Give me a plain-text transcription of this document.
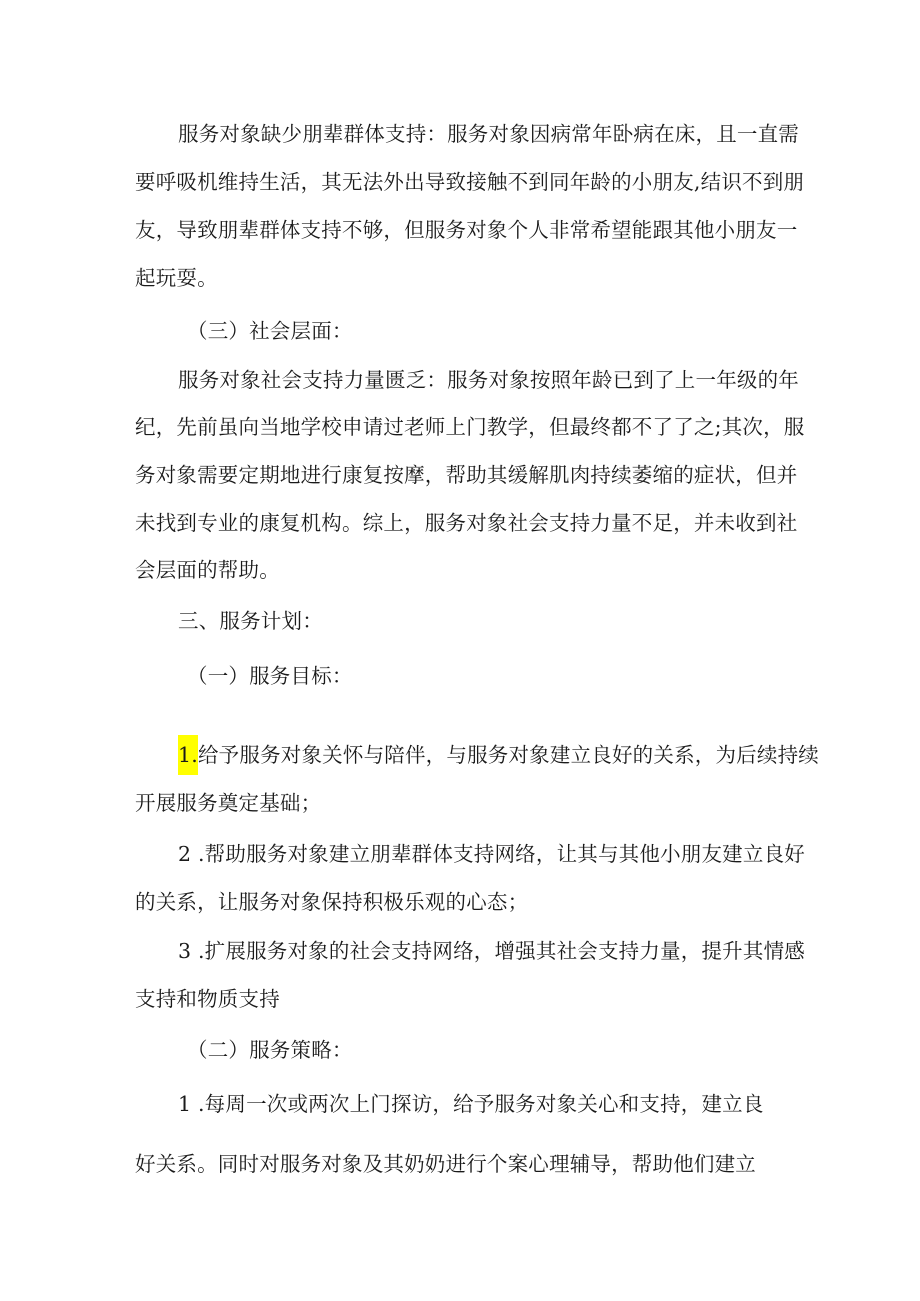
服务对象缺少朋辈群体支持：服务对象因病常年卧病在床，且一直需
要呼吸机维持生活，其无法外出导致接触不到同年龄的小朋友,结识不到朋
友，导致朋辈群体支持不够，但服务对象个人非常希望能跟其他小朋友一
起玩耍。
（三）社会层面：
服务对象社会支持力量匮乏：服务对象按照年龄已到了上一年级的年
纪，先前虽向当地学校申请过老师上门教学，但最终都不了了之;其次，服
务对象需要定期地进行康复按摩，帮助其缓解肌肉持续萎缩的症状，但并
未找到专业的康复机构。综上，服务对象社会支持力量不足，并未收到社
会层面的帮助。
三、服务计划：
（一）服务目标：
1.给予服务对象关怀与陪伴，与服务对象建立良好的关系，为后续持续
开展服务奠定基础；
2 .帮助服务对象建立朋辈群体支持网络，让其与其他小朋友建立良好
的关系，让服务对象保持积极乐观的心态；
3 .扩展服务对象的社会支持网络，增强其社会支持力量，提升其情感
支持和物质支持
（二）服务策略：
1 .每周一次或两次上门探访，给予服务对象关心和支持，建立良
好关系。同时对服务对象及其奶奶进行个案心理辅导，帮助他们建立
